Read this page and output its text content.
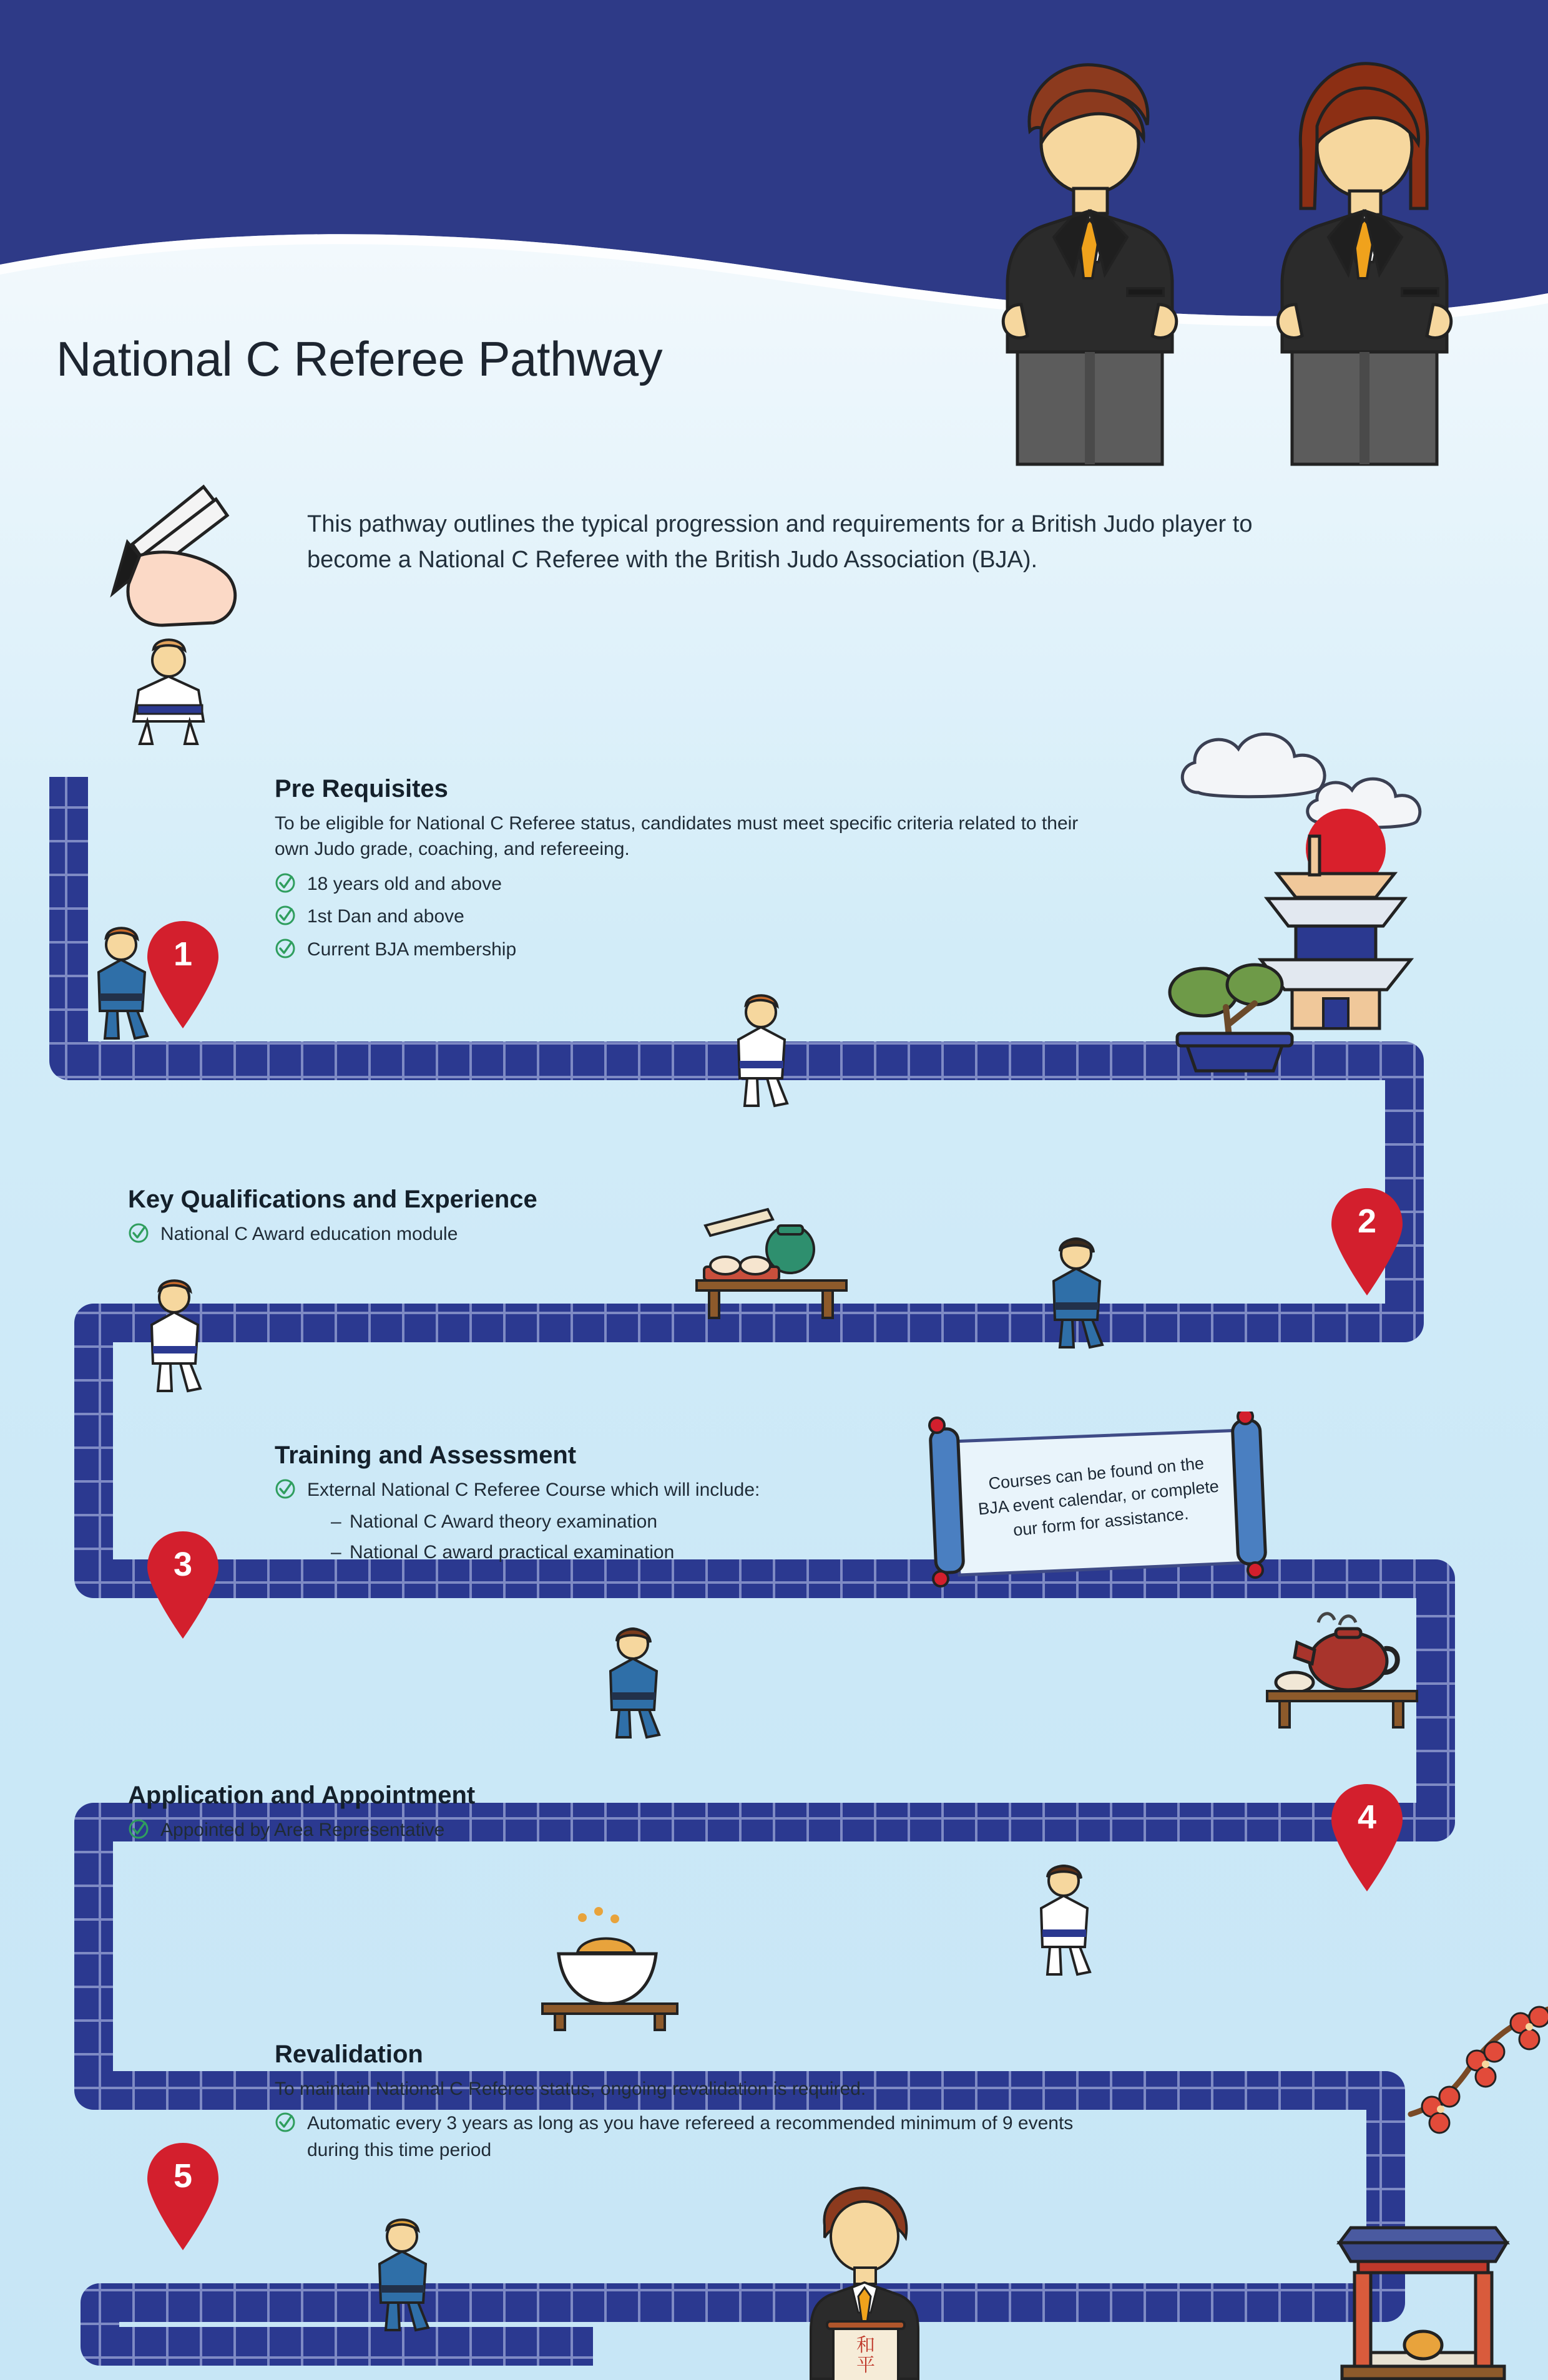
National C Referee Pathway
This pathway outlines the typical progression and requirements for a British Judo player to become a National C Referee with the British Judo Association (BJA).
1
Pre Requisites

To be eligible for National C Referee status, candidates must meet specific criteria related to their own Judo grade, coaching, and refereeing.

18 years old and above
1st Dan and above
Current BJA membership
2
Key Qualifications and Experience
National C Award education module
3
Training and Assessment
External National C Referee Course which will include:
– National C Award theory examination
– National C award practical examination
Courses can be found on the BJA event calendar, or complete our form for assistance.
4
Application and Appointment
Appointed by Area Representative
5
Revalidation

To maintain National C Referee status, ongoing revalidation is required.

Automatic every 3 years as long as you have refereed a recommended minimum of 9 events during this time period
和
平
